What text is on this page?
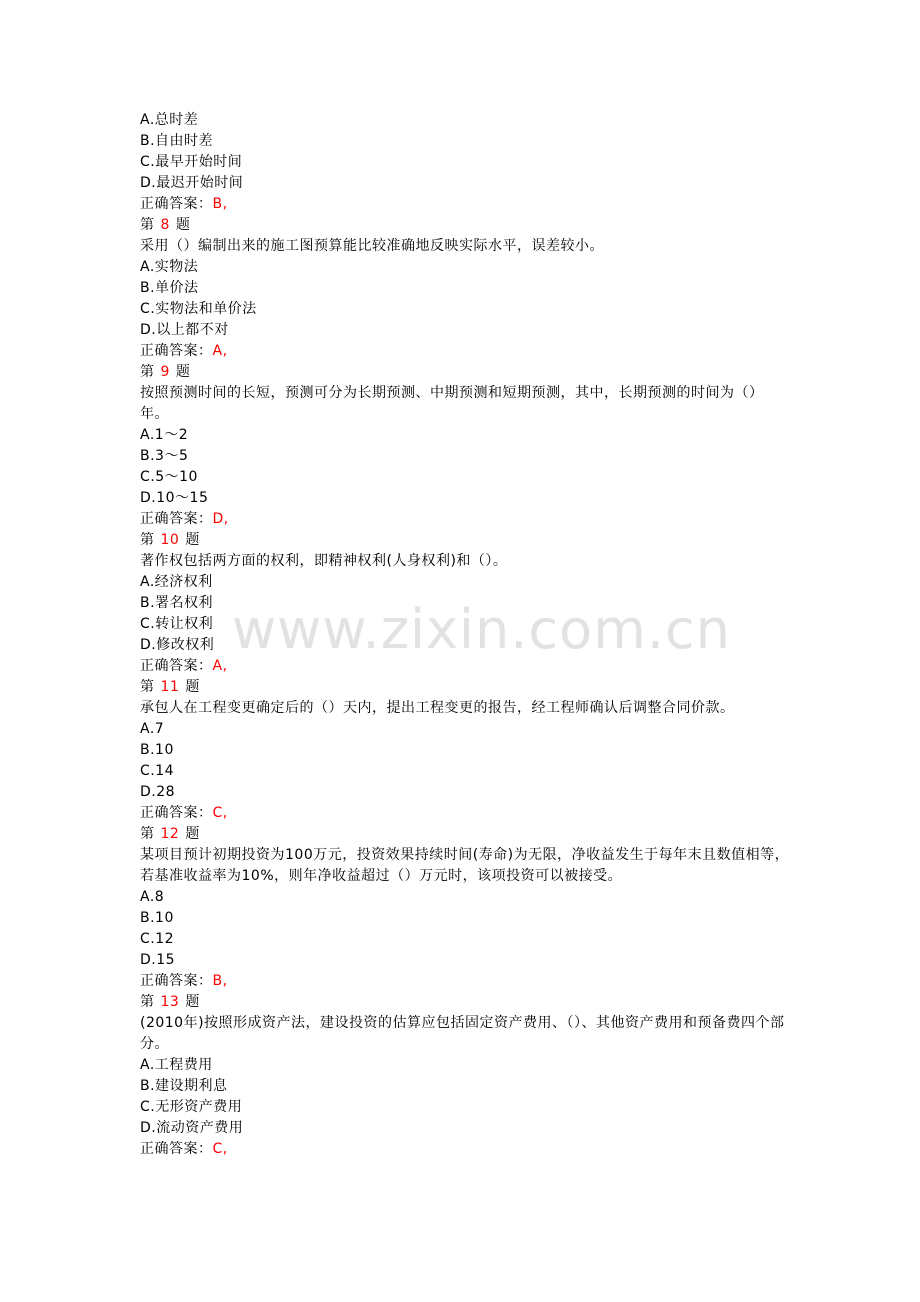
www.zixin.com.cn
A.总时差
B.自由时差
C.最早开始时间
D.最迟开始时间
正确答案：B,
第 8 题
采用（）编制出来的施工图预算能比较准确地反映实际水平，误差较小。
A.实物法
B.单价法
C.实物法和单价法
D.以上都不对
正确答案：A,
第 9 题
按照预测时间的长短，预测可分为长期预测、中期预测和短期预测，其中，长期预测的时间为（）年。
A.1～2
B.3～5
C.5～10
D.10～15
正确答案：D,
第 10 题
著作权包括两方面的权利，即精神权利(人身权利)和（）。
A.经济权利
B.署名权利
C.转让权利
D.修改权利
正确答案：A,
第 11 题
承包人在工程变更确定后的（）天内，提出工程变更的报告，经工程师确认后调整合同价款。
A.7
B.10
C.14
D.28
正确答案：C,
第 12 题
某项目预计初期投资为100万元，投资效果持续时间(寿命)为无限，净收益发生于每年末且数值相等，若基准收益率为10%，则年净收益超过（）万元时，该项投资可以被接受。
A.8
B.10
C.12
D.15
正确答案：B,
第 13 题
(2010年)按照形成资产法，建设投资的估算应包括固定资产费用、（）、其他资产费用和预备费四个部分。
A.工程费用
B.建设期利息
C.无形资产费用
D.流动资产费用
正确答案：C,
